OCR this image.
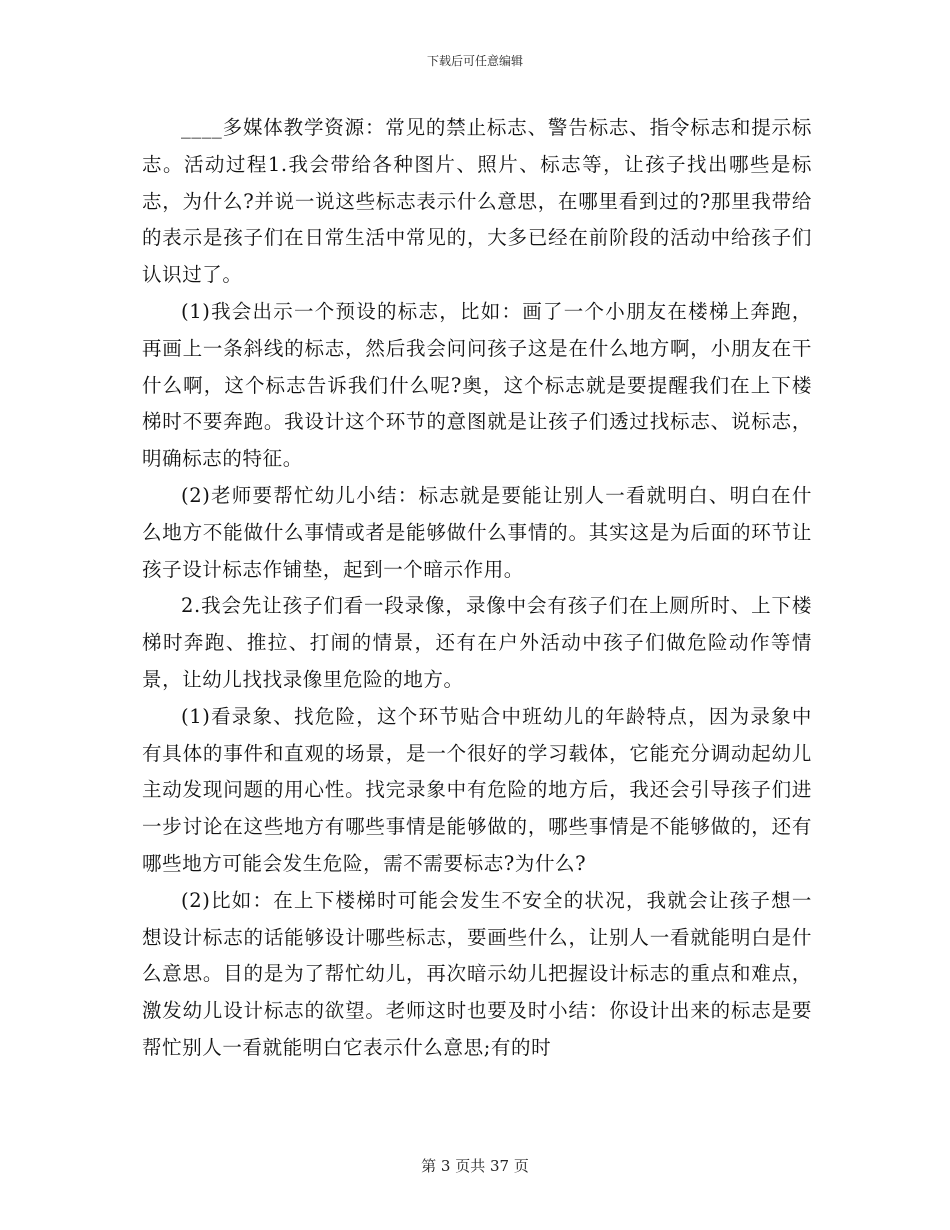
下载后可任意编辑

____多媒体教学资源：常见的禁止标志、警告标志、指令标志和提示标志。活动过程1.我会带给各种图片、照片、标志等，让孩子找出哪些是标志，为什么?并说一说这些标志表示什么意思，在哪里看到过的?那里我带给的表示是孩子们在日常生活中常见的，大多已经在前阶段的活动中给孩子们认识过了。

(1)我会出示一个预设的标志，比如：画了一个小朋友在楼梯上奔跑，再画上一条斜线的标志，然后我会问问孩子这是在什么地方啊，小朋友在干什么啊，这个标志告诉我们什么呢?奥，这个标志就是要提醒我们在上下楼梯时不要奔跑。我设计这个环节的意图就是让孩子们透过找标志、说标志，明确标志的特征。

(2)老师要帮忙幼儿小结：标志就是要能让别人一看就明白、明白在什么地方不能做什么事情或者是能够做什么事情的。其实这是为后面的环节让孩子设计标志作铺垫，起到一个暗示作用。

2.我会先让孩子们看一段录像，录像中会有孩子们在上厕所时、上下楼梯时奔跑、推拉、打闹的情景，还有在户外活动中孩子们做危险动作等情景，让幼儿找找录像里危险的地方。

(1)看录象、找危险，这个环节贴合中班幼儿的年龄特点，因为录象中有具体的事件和直观的场景，是一个很好的学习载体，它能充分调动起幼儿主动发现问题的用心性。找完录象中有危险的地方后，我还会引导孩子们进一步讨论在这些地方有哪些事情是能够做的，哪些事情是不能够做的，还有哪些地方可能会发生危险，需不需要标志?为什么?

(2)比如：在上下楼梯时可能会发生不安全的状况，我就会让孩子想一想设计标志的话能够设计哪些标志，要画些什么，让别人一看就能明白是什么意思。目的是为了帮忙幼儿，再次暗示幼儿把握设计标志的重点和难点，激发幼儿设计标志的欲望。老师这时也要及时小结：你设计出来的标志是要帮忙别人一看就能明白它表示什么意思;有的时

第 3 页共 37 页
